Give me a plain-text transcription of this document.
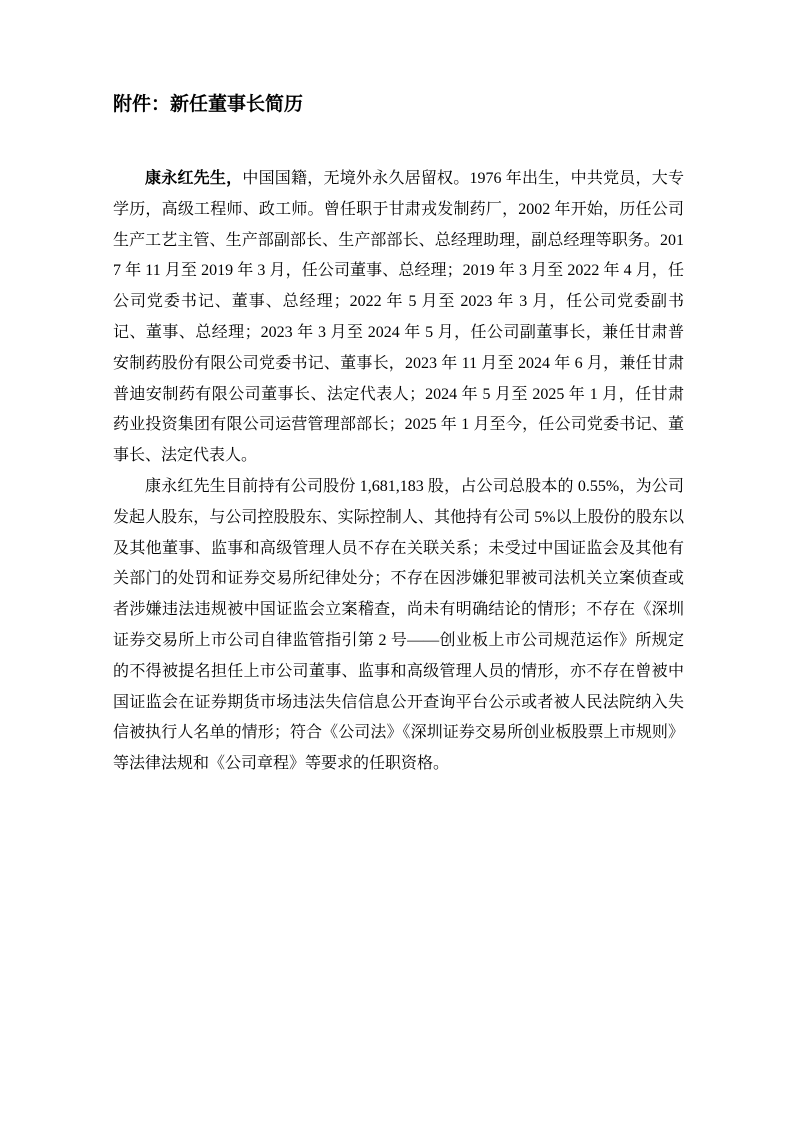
附件：新任董事长简历

康永红先生，中国国籍，无境外永久居留权。1976 年出生，中共党员，大专学历，高级工程师、政工师。曾任职于甘肃戎发制药厂，2002 年开始，历任公司生产工艺主管、生产部副部长、生产部部长、总经理助理，副总经理等职务。2017 年 11 月至 2019 年 3 月，任公司董事、总经理；2019 年 3 月至 2022 年 4 月，任公司党委书记、董事、总经理；2022 年 5 月至 2023 年 3 月，任公司党委副书记、董事、总经理；2023 年 3 月至 2024 年 5 月，任公司副董事长，兼任甘肃普安制药股份有限公司党委书记、董事长，2023 年 11 月至 2024 年 6 月，兼任甘肃普迪安制药有限公司董事长、法定代表人；2024 年 5 月至 2025 年 1 月，任甘肃药业投资集团有限公司运营管理部部长；2025 年 1 月至今，任公司党委书记、董事长、法定代表人。

康永红先生目前持有公司股份 1,681,183 股，占公司总股本的 0.55%，为公司发起人股东，与公司控股股东、实际控制人、其他持有公司 5%以上股份的股东以及其他董事、监事和高级管理人员不存在关联关系；未受过中国证监会及其他有关部门的处罚和证券交易所纪律处分；不存在因涉嫌犯罪被司法机关立案侦查或者涉嫌违法违规被中国证监会立案稽查，尚未有明确结论的情形；不存在《深圳证券交易所上市公司自律监管指引第 2 号——创业板上市公司规范运作》所规定的不得被提名担任上市公司董事、监事和高级管理人员的情形，亦不存在曾被中国证监会在证券期货市场违法失信信息公开查询平台公示或者被人民法院纳入失信被执行人名单的情形；符合《公司法》《深圳证券交易所创业板股票上市规则》等法律法规和《公司章程》等要求的任职资格。
